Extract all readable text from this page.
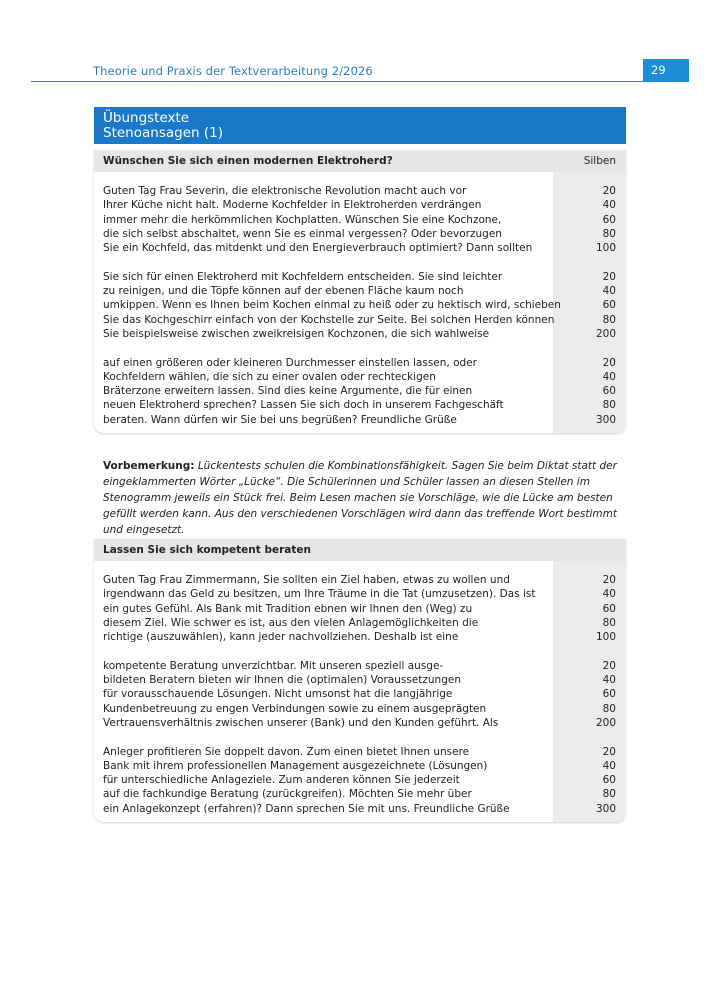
Theorie und Praxis der Textverarbeitung 2/2026	29
Übungstexte
Stenoansagen (1)
Wünschen Sie sich einen modernen Elektroherd?	Silben
Guten Tag Frau Severin, die elektronische Revolution macht auch vor	20
Ihrer Küche nicht halt. Moderne Kochfelder in Elektroherden verdrängen	40
immer mehr die herkömmlichen Kochplatten. Wünschen Sie eine Kochzone,	60
die sich selbst abschaltet, wenn Sie es einmal vergessen? Oder bevorzugen	80
Sie ein Kochfeld, das mitdenkt und den Energieverbrauch optimiert? Dann sollten	100
Sie sich für einen Elektroherd mit Kochfeldern entscheiden. Sie sind leichter	20
zu reinigen, und die Töpfe können auf der ebenen Fläche kaum noch	40
umkippen. Wenn es Ihnen beim Kochen einmal zu heiß oder zu hektisch wird, schieben	60
Sie das Kochgeschirr einfach von der Kochstelle zur Seite. Bei solchen Herden können	80
Sie beispielsweise zwischen zweikreisigen Kochzonen, die sich wahlweise	200
auf einen größeren oder kleineren Durchmesser einstellen lassen, oder	20
Kochfeldern wählen, die sich zu einer ovalen oder rechteckigen	40
Bräterzone erweitern lassen. Sind dies keine Argumente, die für einen	60
neuen Elektroherd sprechen? Lassen Sie sich doch in unserem Fachgeschäft	80
beraten. Wann dürfen wir Sie bei uns begrüßen? Freundliche Grüße	300
Vorbemerkung: Lückentests schulen die Kombinationsfähigkeit. Sagen Sie beim Diktat statt der eingeklammerten Wörter „Lücke“. Die Schülerinnen und Schüler lassen an diesen Stellen im Stenogramm jeweils ein Stück frei. Beim Lesen machen sie Vorschläge, wie die Lücke am besten gefüllt werden kann. Aus den verschiedenen Vorschlägen wird dann das treffende Wort bestimmt und eingesetzt.
Lassen Sie sich kompetent beraten
Guten Tag Frau Zimmermann, Sie sollten ein Ziel haben, etwas zu wollen und	20
irgendwann das Geld zu besitzen, um Ihre Träume in die Tat (umzusetzen). Das ist	40
ein gutes Gefühl. Als Bank mit Tradition ebnen wir Ihnen den (Weg) zu	60
diesem Ziel. Wie schwer es ist, aus den vielen Anlagemöglichkeiten die	80
richtige (auszuwählen), kann jeder nachvollziehen. Deshalb ist eine	100
kompetente Beratung unverzichtbar. Mit unseren speziell ausge-	20
bildeten Beratern bieten wir Ihnen die (optimalen) Voraussetzungen	40
für vorausschauende Lösungen. Nicht umsonst hat die langjährige	60
Kundenbetreuung zu engen Verbindungen sowie zu einem ausgeprägten	80
Vertrauensverhältnis zwischen unserer (Bank) und den Kunden geführt. Als	200
Anleger profitieren Sie doppelt davon. Zum einen bietet Ihnen unsere	20
Bank mit ihrem professionellen Management ausgezeichnete (Lösungen)	40
für unterschiedliche Anlageziele. Zum anderen können Sie jederzeit	60
auf die fachkundige Beratung (zurückgreifen). Möchten Sie mehr über	80
ein Anlagekonzept (erfahren)? Dann sprechen Sie mit uns. Freundliche Grüße	300
